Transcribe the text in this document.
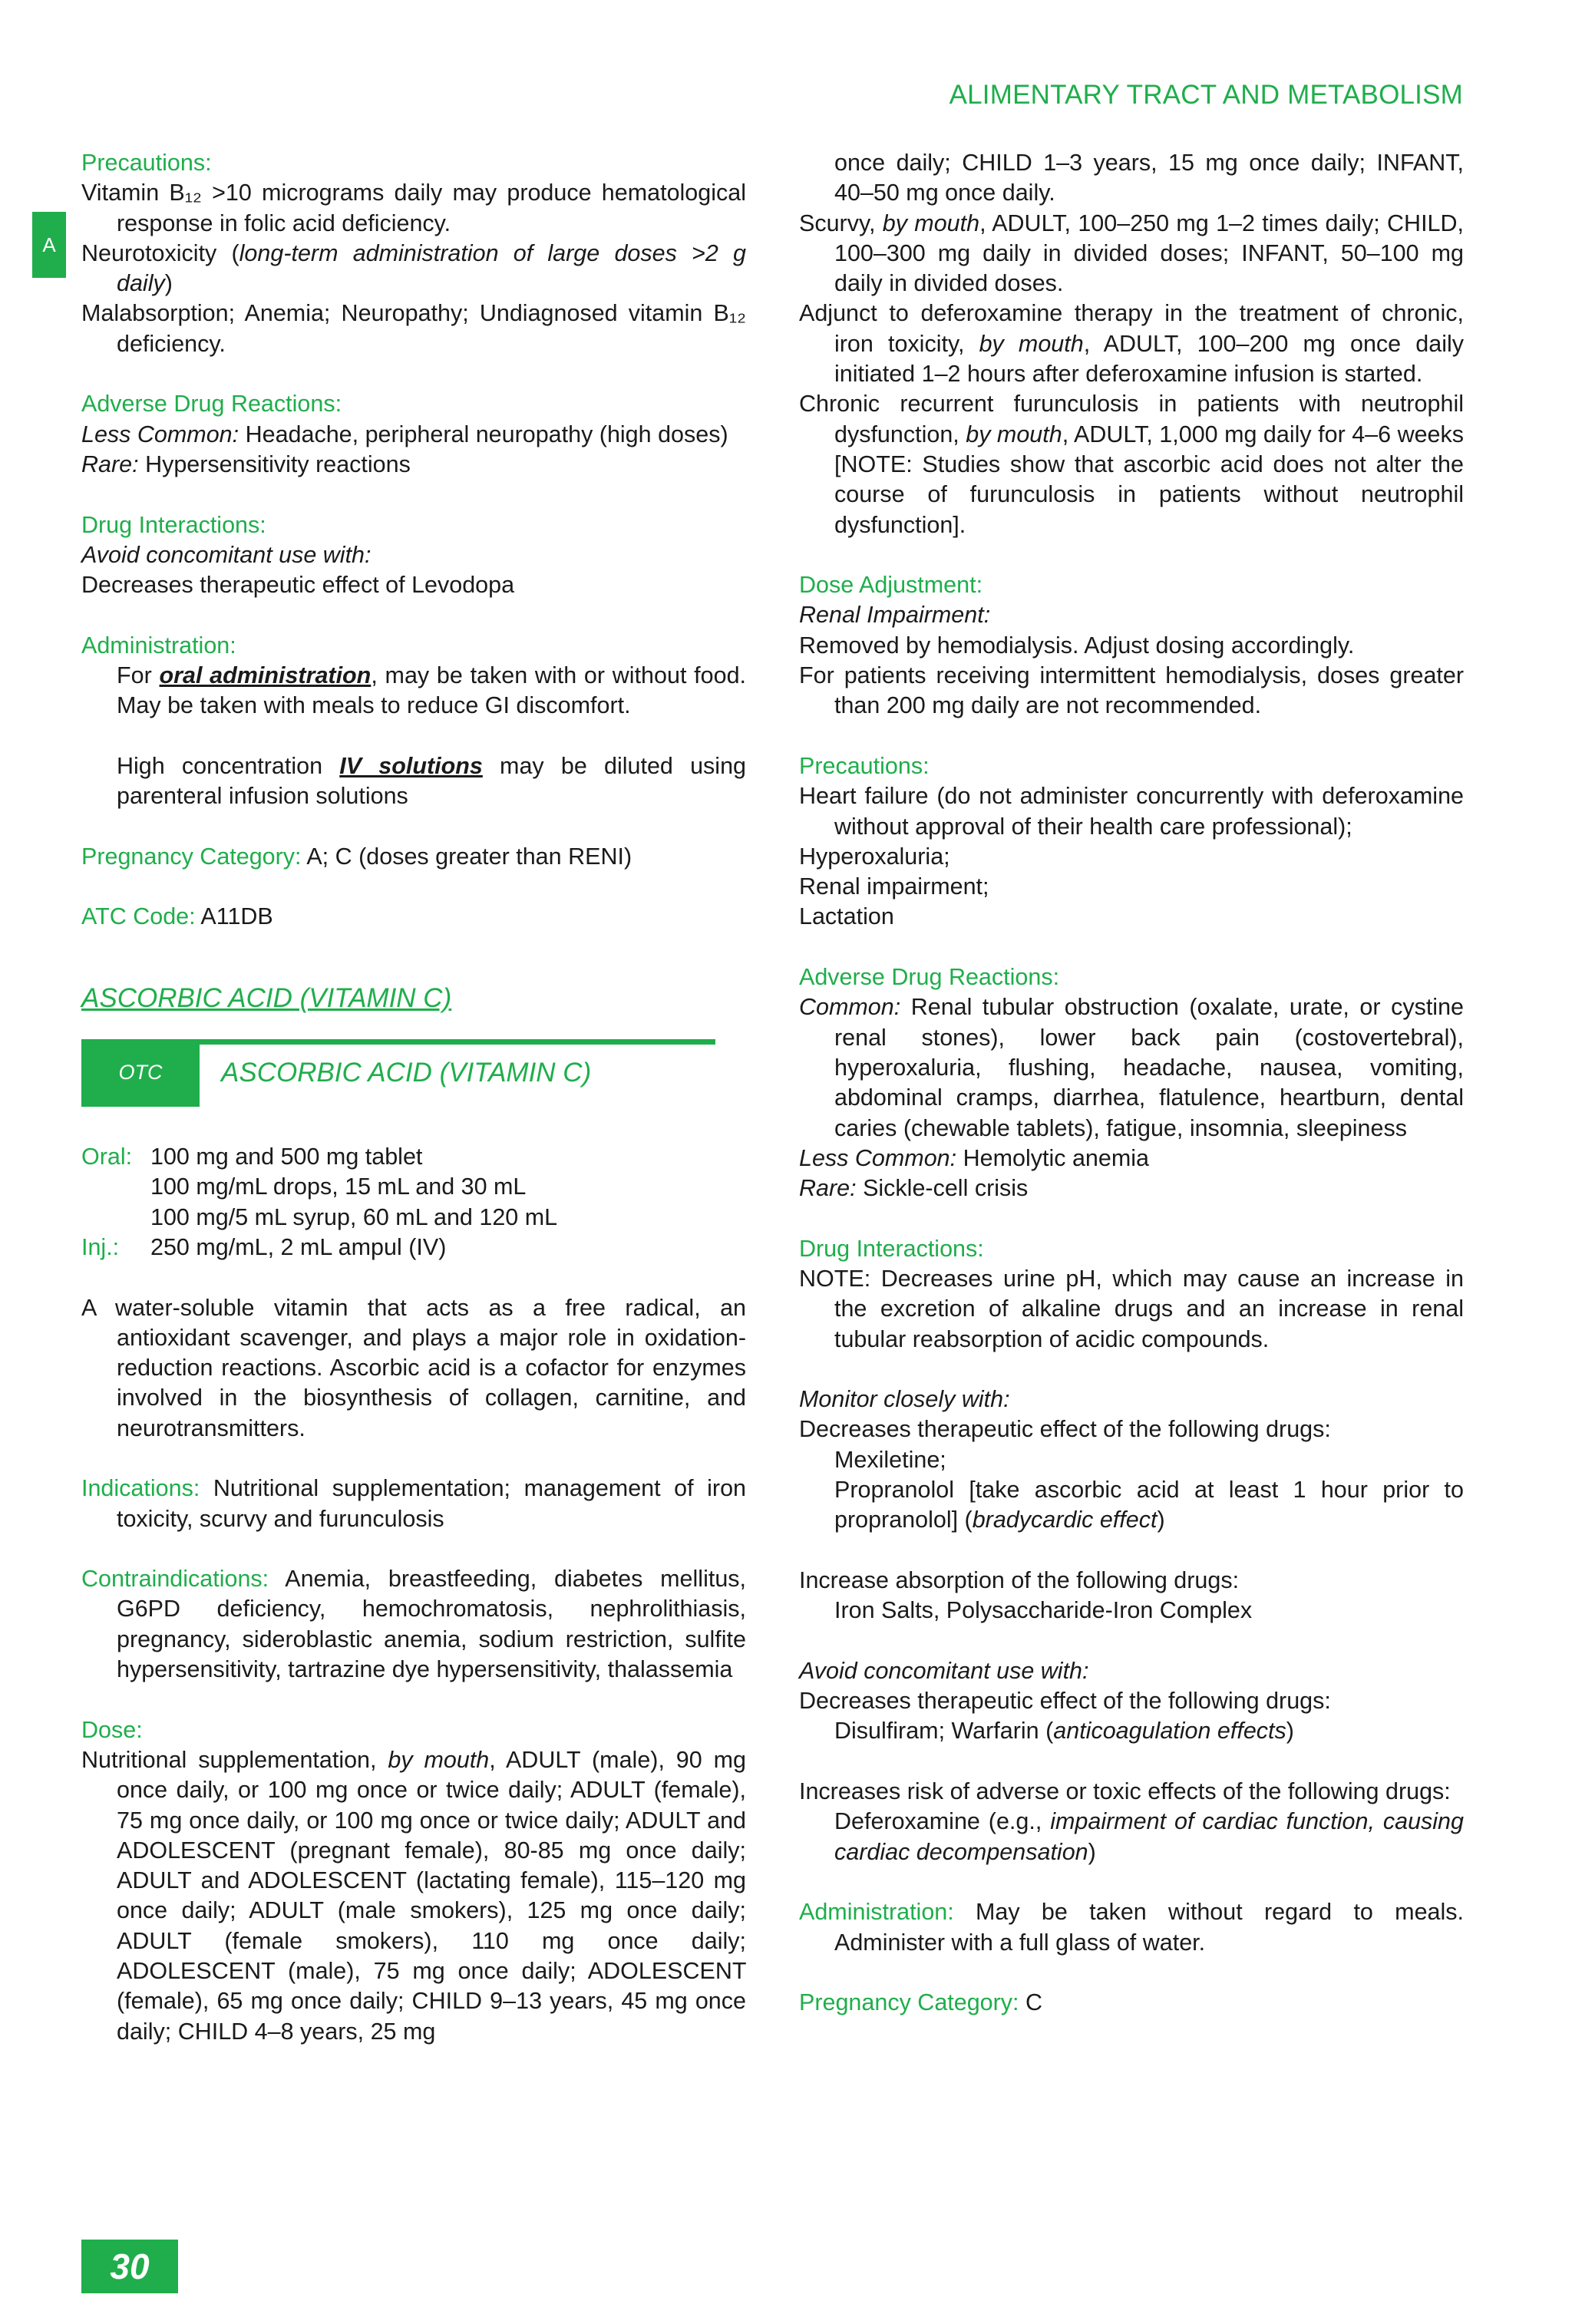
ALIMENTARY TRACT AND METABOLISM
A

Precautions:

Vitamin B₁₂ >10 micrograms daily may produce hematological response in folic acid deficiency.

Neurotoxicity (long-term administration of large doses >2 g daily)

Malabsorption; Anemia; Neuropathy; Undiagnosed vitamin B₁₂ deficiency.

Adverse Drug Reactions:

Less Common: Headache, peripheral neuropathy (high doses)

Rare: Hypersensitivity reactions

Drug Interactions:

Avoid concomitant use with:

Decreases therapeutic effect of Levodopa

Administration:

For oral administration, may be taken with or without food. May be taken with meals to reduce GI discomfort.

High concentration IV solutions may be diluted using parenteral infusion solutions

Pregnancy Category: A; C (doses greater than RENI)

ATC Code: A11DB

ASCORBIC ACID (VITAMIN C)

OTC	ASCORBIC ACID (VITAMIN C)

Oral: 100 mg and 500 mg tablet

100 mg/mL drops, 15 mL and 30 mL

100 mg/5 mL syrup, 60 mL and 120 mL

Inj.:	250 mg/mL, 2 mL ampul (IV)

A water-soluble vitamin that acts as a free radical, an antioxidant scavenger, and plays a major role in oxidation-reduction reactions. Ascorbic acid is a cofactor for enzymes involved in the biosynthesis of collagen, carnitine, and neurotransmitters.

Indications: Nutritional supplementation; management of iron toxicity, scurvy and furunculosis

Contraindications: Anemia, breastfeeding, diabetes mellitus, G6PD deficiency, hemochromatosis, nephrolithiasis, pregnancy, sideroblastic anemia, sodium restriction, sulfite hypersensitivity, tartrazine dye hypersensitivity, thalassemia

Dose:

Nutritional supplementation, by mouth, ADULT (male), 90 mg once daily, or 100 mg once or twice daily; ADULT (female), 75 mg once daily, or 100 mg once or twice daily; ADULT and ADOLESCENT (pregnant female), 80-85 mg once daily; ADULT and ADOLESCENT (lactating female), 115–120 mg once daily; ADULT (male smokers), 125 mg once daily; ADULT (female smokers), 110 mg once daily; ADOLESCENT (male), 75 mg once daily; ADOLESCENT (female), 65 mg once daily; CHILD 9–13 years, 45 mg once daily; CHILD 4–8 years, 25 mg

once daily; CHILD 1–3 years, 15 mg once daily; INFANT, 40–50 mg once daily.

Scurvy, by mouth, ADULT, 100–250 mg 1–2 times daily; CHILD, 100–300 mg daily in divided doses; INFANT, 50–100 mg daily in divided doses.

Adjunct to deferoxamine therapy in the treatment of chronic, iron toxicity, by mouth, ADULT, 100–200 mg once daily initiated 1–2 hours after deferoxamine infusion is started.

Chronic recurrent furunculosis in patients with neutrophil dysfunction, by mouth, ADULT, 1,000 mg daily for 4–6 weeks [NOTE: Studies show that ascorbic acid does not alter the course of furunculosis in patients without neutrophil dysfunction].

Dose Adjustment:

Renal Impairment:

Removed by hemodialysis. Adjust dosing accordingly.

For patients receiving intermittent hemodialysis, doses greater than 200 mg daily are not recommended.

Precautions:

Heart failure (do not administer concurrently with deferoxamine without approval of their health care professional);

Hyperoxaluria;

Renal impairment;

Lactation

Adverse Drug Reactions:

Common: Renal tubular obstruction (oxalate, urate, or cystine renal stones), lower back pain (costovertebral), hyperoxaluria, flushing, headache, nausea, vomiting, abdominal cramps, diarrhea, flatulence, heartburn, dental caries (chewable tablets), fatigue, insomnia, sleepiness

Less Common: Hemolytic anemia

Rare: Sickle-cell crisis

Drug Interactions:

NOTE: Decreases urine pH, which may cause an increase in the excretion of alkaline drugs and an increase in renal tubular reabsorption of acidic compounds.

Monitor closely with:

Decreases therapeutic effect of the following drugs:

Mexiletine;

Propranolol [take ascorbic acid at least 1 hour prior to propranolol] (bradycardic effect)

Increase absorption of the following drugs:

Iron Salts, Polysaccharide-Iron Complex

Avoid concomitant use with:

Decreases therapeutic effect of the following drugs:

Disulfiram; Warfarin (anticoagulation effects)

Increases risk of adverse or toxic effects of the following drugs:

Deferoxamine (e.g., impairment of cardiac function, causing cardiac decompensation)

Administration: May be taken without regard to meals. Administer with a full glass of water.

Pregnancy Category: C

30
